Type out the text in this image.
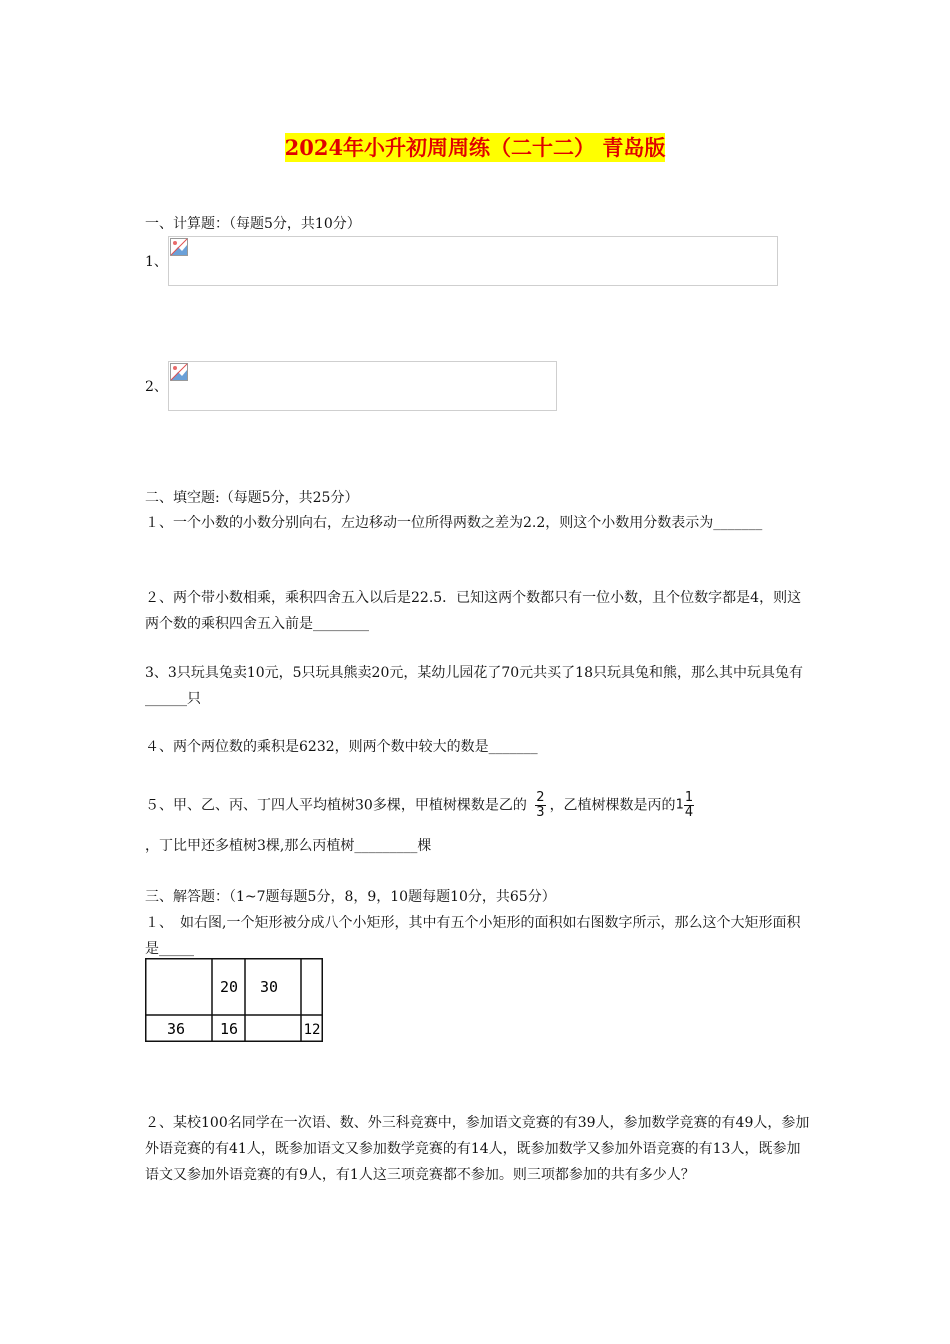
2024年小升初周周练（二十二） 青岛版
一、计算题：（每题5分，共10分）
1、
2、
二、填空题:（每题5分，共25分）
１、一个小数的小数分别向右，左边移动一位所得两数之差为2.2，则这个小数用分数表示为_______
２、两个带小数相乘，乘积四舍五入以后是22.5．已知这两个数都只有一位小数，且个位数字都是4，则这两个数的乘积四舍五入前是________
3、3只玩具兔卖10元，5只玩具熊卖20元，某幼儿园花了70元共买了18只玩具兔和熊，那么其中玩具兔有______只
４、两个两位数的乘积是6232，则两个数中较大的数是_______
５、甲、乙、丙、丁四人平均植树30多棵，甲植树棵数是乙的 $\frac{2}{3}$ ，乙植树棵数是丙的$1 \frac{1}{4}$
，丁比甲还多植树3棵,那么丙植树_________棵
三、解答题：（1~7题每题5分，8，9，10题每题10分，共65分）
１、　如右图,一个矩形被分成八个小矩形，其中有五个小矩形的面积如右图数字所示，那么这个大矩形面积是_____
20 30
36 16	12
２、某校100名同学在一次语、数、外三科竞赛中，参加语文竞赛的有39人，参加数学竞赛的有49人，参加外语竞赛的有41人，既参加语文又参加数学竞赛的有14人，既参加数学又参加外语竞赛的有13人，既参加语文又参加外语竞赛的有9人，有1人这三项竞赛都不参加。则三项都参加的共有多少人？
